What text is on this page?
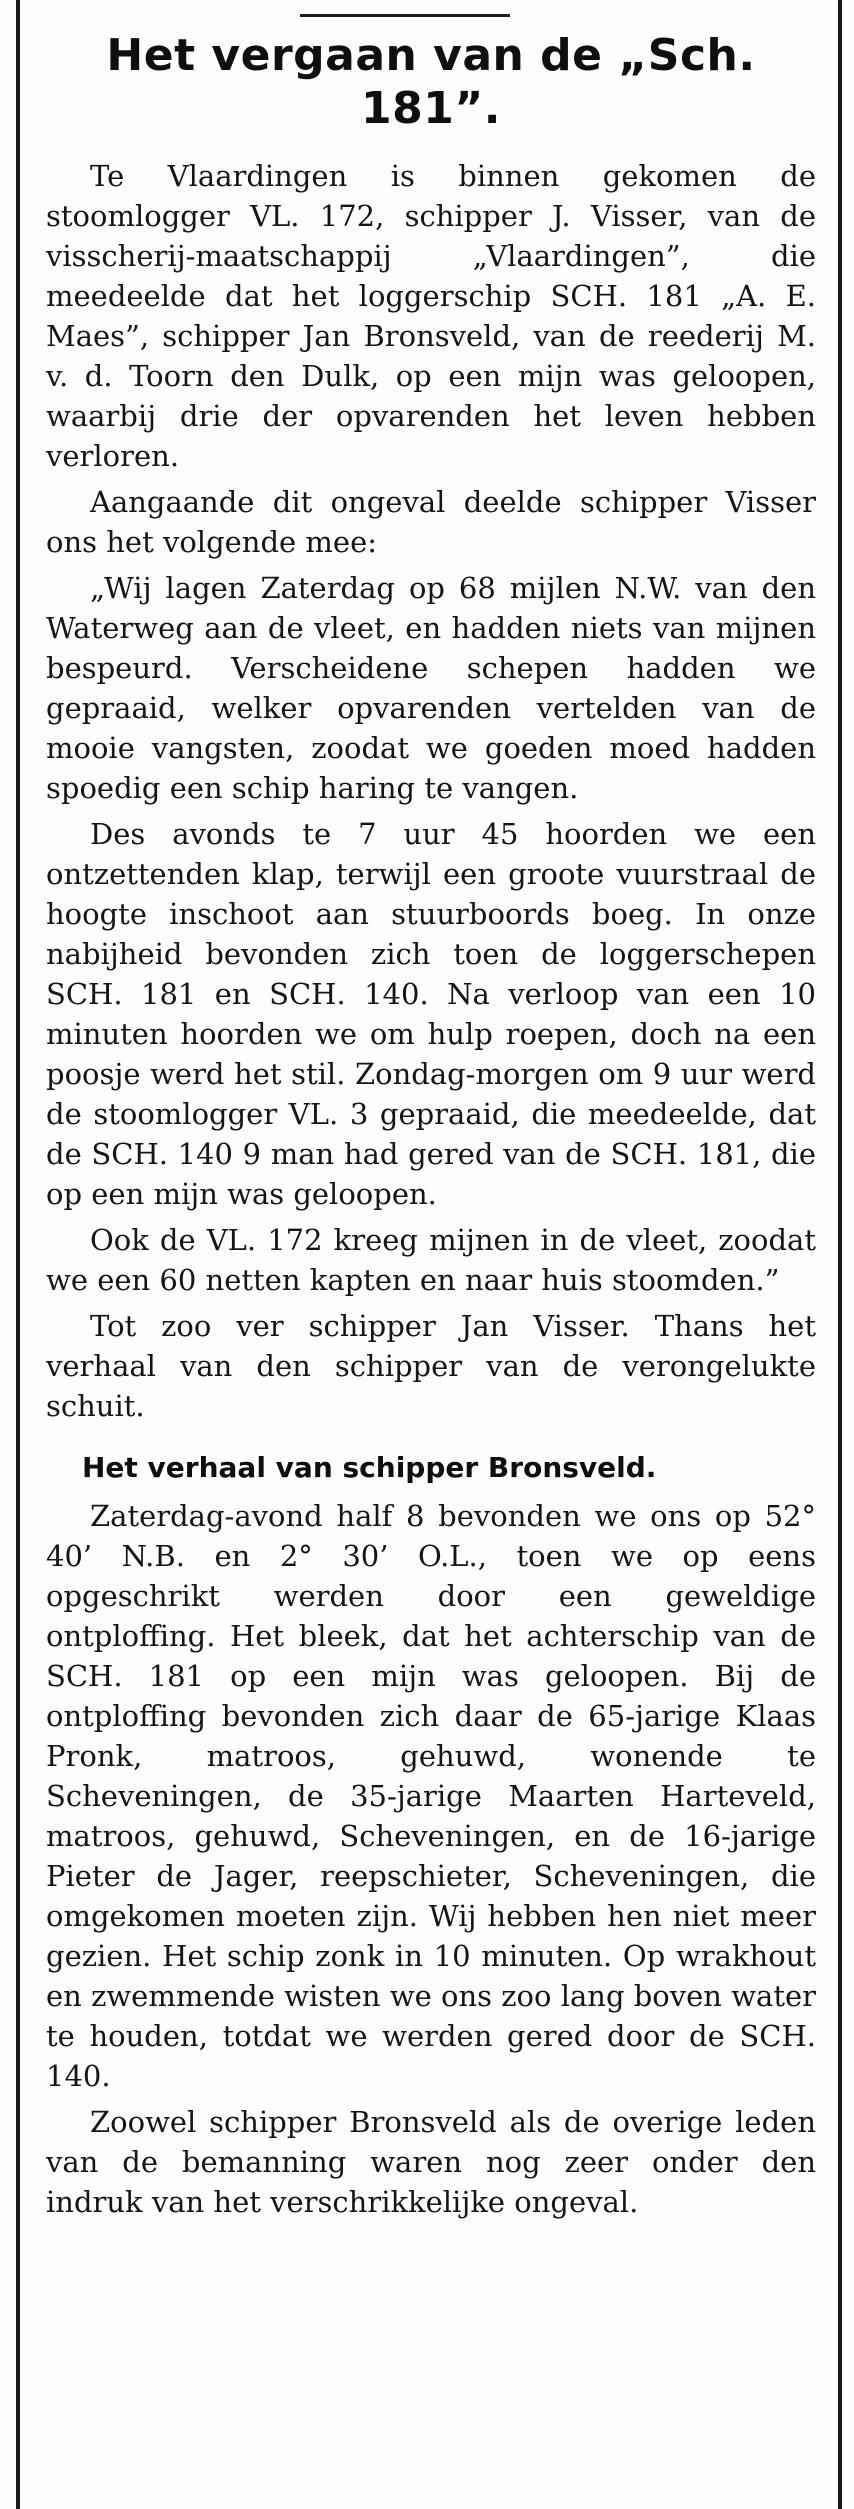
Het vergaan van de „Sch. 181”.

Te Vlaardingen is binnen gekomen de stoomlogger VL. 172, schipper J. Visser, van de visscherij-maatschappij „Vlaardingen”, die meedeelde dat het loggerschip SCH. 181 „A. E. Maes”, schipper Jan Bronsveld, van de reederij M. v. d. Toorn den Dulk, op een mijn was geloopen, waarbij drie der opvarenden het leven hebben verloren.

Aangaande dit ongeval deelde schipper Visser ons het volgende mee:

„Wij lagen Zaterdag op 68 mijlen N.W. van den Waterweg aan de vleet, en hadden niets van mijnen bespeurd. Verscheidene schepen hadden we gepraaid, welker opvarenden vertelden van de mooie vangsten, zoodat we goeden moed hadden spoedig een schip haring te vangen.

Des avonds te 7 uur 45 hoorden we een ontzettenden klap, terwijl een groote vuurstraal de hoogte inschoot aan stuurboords boeg. In onze nabijheid bevonden zich toen de loggerschepen SCH. 181 en SCH. 140. Na verloop van een 10 minuten hoorden we om hulp roepen, doch na een poosje werd het stil. Zondag-morgen om 9 uur werd de stoomlogger VL. 3 gepraaid, die meedeelde, dat de SCH. 140 9 man had gered van de SCH. 181, die op een mijn was geloopen.

Ook de VL. 172 kreeg mijnen in de vleet, zoodat we een 60 netten kapten en naar huis stoomden.”

Tot zoo ver schipper Jan Visser. Thans het verhaal van den schipper van de verongelukte schuit.

Het verhaal van schipper Bronsveld.

Zaterdag-avond half 8 bevonden we ons op 52° 40’ N.B. en 2° 30’ O.L., toen we op eens opgeschrikt werden door een geweldige ontploffing. Het bleek, dat het achterschip van de SCH. 181 op een mijn was geloopen. Bij de ontploffing bevonden zich daar de 65-jarige Klaas Pronk, matroos, gehuwd, wonende te Scheveningen, de 35-jarige Maarten Harteveld, matroos, gehuwd, Scheveningen, en de 16-jarige Pieter de Jager, reepschieter, Scheveningen, die omgekomen moeten zijn. Wij hebben hen niet meer gezien. Het schip zonk in 10 minuten. Op wrakhout en zwemmende wisten we ons zoo lang boven water te houden, totdat we werden gered door de SCH. 140.

Zoowel schipper Bronsveld als de overige leden van de bemanning waren nog zeer onder den indruk van het verschrikkelijke ongeval.
